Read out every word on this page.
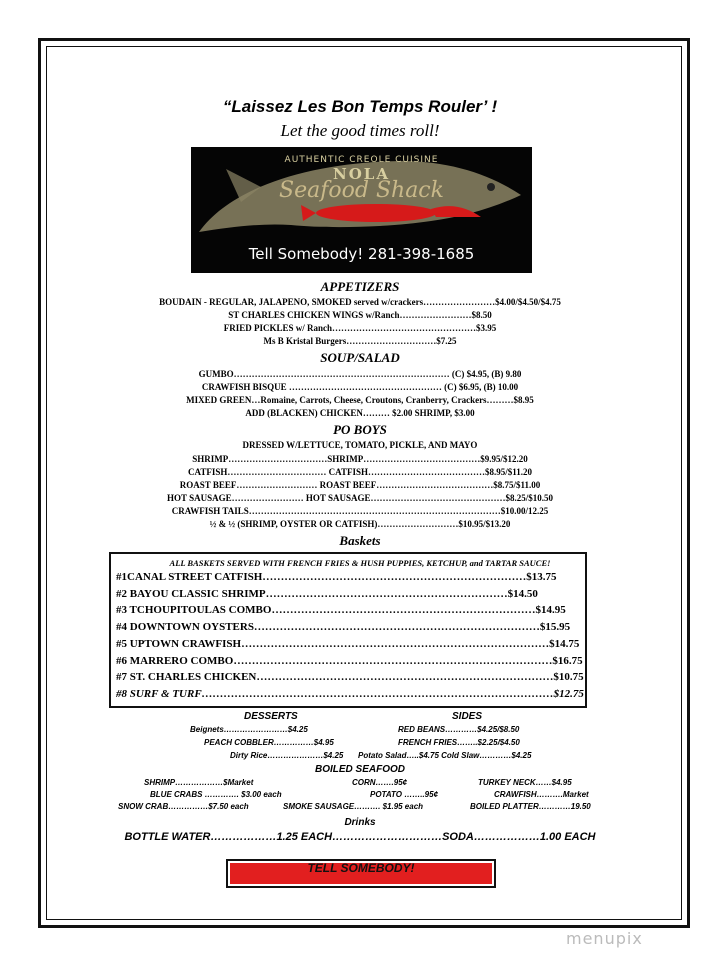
“Laissez Les Bon Temps Rouler’ !
Let the good times roll!
AUTHENTIC CREOLE CUISINE
NOLA
Seafood Shack
Tell Somebody! 281-398-1685
APPETIZERS
BOUDAIN - REGULAR, JALAPENO, SMOKED served w/crackers……………………$4.00/$4.50/$4.75
ST CHARLES CHICKEN WINGS w/Ranch……………………$8.50
FRIED PICKLES w/ Ranch…………………………………………$3.95
Ms B Kristal Burgers…………………………$7.25
SOUP/SALAD
GUMBO……………………………………………………………… (C) $4.95, (B) 9.80
CRAWFISH BISQUE …………………………………………… (C) $6.95, (B) 10.00
MIXED GREEN…Romaine, Carrots, Cheese, Croutons, Cranberry, Crackers………$8.95
ADD (BLACKEN) CHICKEN……… $2.00 SHRIMP, $3.00
PO BOYS
DRESSED W/LETTUCE, TOMATO, PICKLE, AND MAYO
SHRIMP……………………………SHRIMP…………………………………$9.95/$12.20
CATFISH…………………………… CATFISH…………………………………$8.95/$11.20
ROAST BEEF……………………… ROAST BEEF…………………………………$8.75/$11.00
HOT SAUSAGE…………………… HOT SAUSAGE………………………………………$8.25/$10.50
CRAWFISH TAILS…………………………………………………………………………$10.00/12.25
½ & ½ (SHRIMP, OYSTER OR CATFISH)………………………$10.95/$13.20
Baskets
ALL BASKETS SERVED WITH FRENCH FRIES & HUSH PUPPIES, KETCHUP, and TARTAR SAUCE!
#1CANAL STREET CATFISH………………………………………………………………$13.75
#2 BAYOU CLASSIC SHRIMP…………………………………………………………$14.50
#3 TCHOUPITOULAS COMBO………………………………………………………………$14.95
#4 DOWNTOWN OYSTERS……………………………………………………………………$15.95
#5 UPTOWN CRAWFISH…………………………………………………………………………$14.75
#6 MARRERO COMBO……………………………………………………………………………$16.75
#7 ST. CHARLES CHICKEN………………………………………………………………………$10.75
#8 SURF & TURF……………………………………………………………………………………$12.75
DESSERTS
Beignets……………………$4.25
PEACH COBBLER……………$4.95
Dirty Rice…………………$4.25
SIDES
RED BEANS…………$4.25/$8.50
FRENCH FRIES……..$2.25/$4.50
Potato Salad…..$4.75 Cold Slaw…………$4.25
BOILED SEAFOOD
SHRIMP………………$Market
BLUE CRABS …………. $3.00 each
SNOW CRAB……………$7.50 each
CORN…….95¢
POTATO ……..95¢
SMOKE SAUSAGE………. $1.95 each
TURKEY NECK……$4.95
CRAWFISH……….Market
BOILED PLATTER…………19.50
Drinks
BOTTLE WATER………………1.25 EACH…………………………SODA………………1.00 EACH
TELL SOMEBODY!
menupix
